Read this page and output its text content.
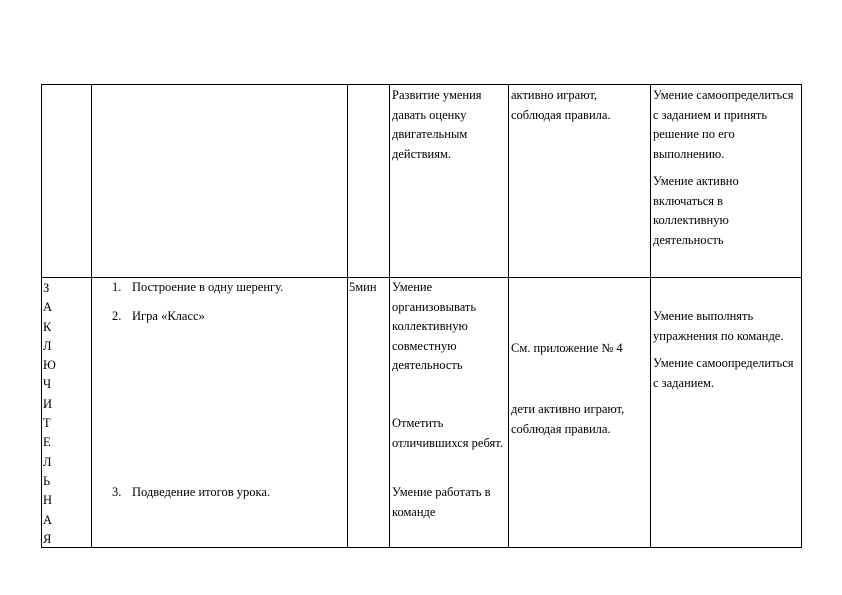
Развитие умения давать оценку двигательным действиям.
активно играют, соблюдая правила.

Умение самоопределиться с заданием и принять решение по его выполнению.

Умение активно включаться в коллективную деятельность

З
А
К
Л
Ю
Ч
И
Т
Е
Л
Ь
Н
А
Я
1. Построение в одну шеренгу.
2. Игра «Класс»
3. Подведение итогов урока.
5мин	Умение организовывать коллективную совместную деятельность
Отметить отличившихся ребят.
Умение работать в команде
См. приложение № 4
дети активно играют, соблюдая правила.

Умение выполнять упражнения по команде.

Умение самоопределиться с заданием.
